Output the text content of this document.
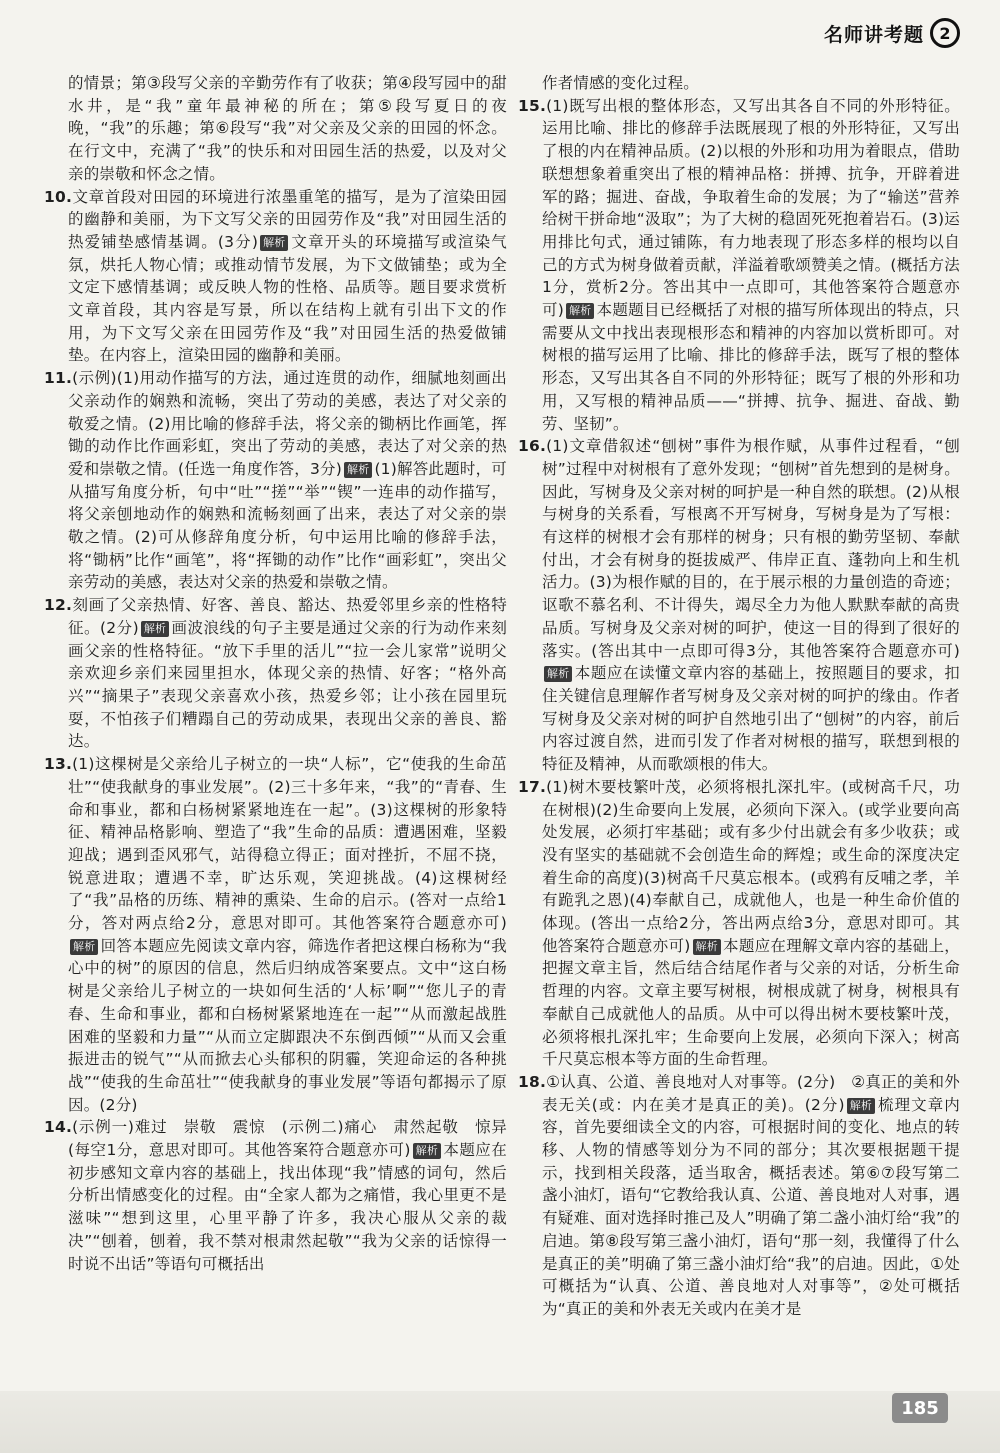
名师讲考题 2

的情景；第③段写父亲的辛勤劳作有了收获；第④段写园中的甜水井，是“我”童年最神秘的所在；第⑤段写夏日的夜晚，“我”的乐趣；第⑥段写“我”对父亲及父亲的田园的怀念。在行文中，充满了“我”的快乐和对田园生活的热爱，以及对父亲的崇敬和怀念之情。

10.文章首段对田园的环境进行浓墨重笔的描写，是为了渲染田园的幽静和美丽，为下文写父亲的田园劳作及“我”对田园生活的热爱铺垫感情基调。(3分) 解析 文章开头的环境描写或渲染气氛，烘托人物心情；或推动情节发展，为下文做铺垫；或为全文定下感情基调；或反映人物的性格、品质等。题目要求赏析文章首段，其内容是写景，所以在结构上就有引出下文的作用，为下文写父亲在田园劳作及“我”对田园生活的热爱做铺垫。在内容上，渲染田园的幽静和美丽。

11.(示例)(1)用动作描写的方法，通过连贯的动作，细腻地刻画出父亲动作的娴熟和流畅，突出了劳动的美感，表达了对父亲的敬爱之情。(2)用比喻的修辞手法，将父亲的锄柄比作画笔，挥锄的动作比作画彩虹，突出了劳动的美感，表达了对父亲的热爱和崇敬之情。(任选一角度作答，3分) 解析 (1)解答此题时，可从描写角度分析，句中“吐”“搓”“举”“锲”一连串的动作描写，将父亲刨地动作的娴熟和流畅刻画了出来，表达了对父亲的崇敬之情。(2)可从修辞角度分析，句中运用比喻的修辞手法，将“锄柄”比作“画笔”，将“挥锄的动作”比作“画彩虹”，突出父亲劳动的美感，表达对父亲的热爱和崇敬之情。

12.刻画了父亲热情、好客、善良、豁达、热爱邻里乡亲的性格特征。(2分) 解析 画波浪线的句子主要是通过父亲的行为动作来刻画父亲的性格特征。“放下手里的活儿”“拉一会儿家常”说明父亲欢迎乡亲们来园里担水，体现父亲的热情、好客；“格外高兴”“摘果子”表现父亲喜欢小孩，热爱乡邻；让小孩在园里玩耍，不怕孩子们糟蹋自己的劳动成果，表现出父亲的善良、豁达。

13.(1)这棵树是父亲给儿子树立的一块“人标”，它“使我的生命茁壮”“使我献身的事业发展”。(2)三十多年来，“我”的“青春、生命和事业，都和白杨树紧紧地连在一起”。(3)这棵树的形象特征、精神品格影响、塑造了“我”生命的品质：遭遇困难，坚毅迎战；遇到歪风邪气，站得稳立得正；面对挫折，不屈不挠，锐意进取；遭遇不幸，旷达乐观，笑迎挑战。(4)这棵树经了“我”品格的历练、精神的熏染、生命的启示。(答对一点给1分，答对两点给2分，意思对即可。其他答案符合题意亦可)解析 回答本题应先阅读文章内容，筛选作者把这棵白杨称为“我心中的树”的原因的信息，然后归纳成答案要点。文中“这白杨树是父亲给儿子树立的一块如何生活的‘人标’啊”“您儿子的青春、生命和事业，都和白杨树紧紧地连在一起”“从而激起战胜困难的坚毅和力量”“从而立定脚跟决不东倒西倾”“从而又会重振进击的锐气”“从而掀去心头郁积的阴霾，笑迎命运的各种挑战”“使我的生命茁壮”“使我献身的事业发展”等语句都揭示了原因。(2分)

14.(示例一)难过　崇敬　震惊　(示例二)痛心　肃然起敬　惊异(每空1分，意思对即可。其他答案符合题意亦可) 解析 本题应在初步感知文章内容的基础上，找出体现“我”情感的词句，然后分析出情感变化的过程。由“全家人都为之痛惜，我心里更不是滋味”“想到这里，心里平静了许多，我决心服从父亲的裁决”“刨着，刨着，我不禁对根肃然起敬”“我为父亲的话惊得一时说不出话”等语句可概括出

作者情感的变化过程。

15.(1)既写出根的整体形态，又写出其各自不同的外形特征。运用比喻、排比的修辞手法既展现了根的外形特征，又写出了根的内在精神品质。(2)以根的外形和功用为着眼点，借助联想想象着重突出了根的精神品格：拼搏、抗争，开辟着进军的路；掘进、奋战，争取着生命的发展；为了“输送”营养给树干拼命地“汲取”；为了大树的稳固死死抱着岩石。(3)运用排比句式，通过铺陈，有力地表现了形态多样的根均以自己的方式为树身做着贡献，洋溢着歌颂赞美之情。(概括方法1分，赏析2分。答出其中一点即可，其他答案符合题意亦可) 解析 本题题目已经概括了对根的描写所体现出的特点，只需要从文中找出表现根形态和精神的内容加以赏析即可。对树根的描写运用了比喻、排比的修辞手法，既写了根的整体形态，又写出其各自不同的外形特征；既写了根的外形和功用，又写根的精神品质——“拼搏、抗争、掘进、奋战、勤劳、坚韧”。

16.(1)文章借叙述“刨树”事件为根作赋，从事件过程看，“刨树”过程中对树根有了意外发现；“刨树”首先想到的是树身。因此，写树身及父亲对树的呵护是一种自然的联想。(2)从根与树身的关系看，写根离不开写树身，写树身是为了写根：有这样的树根才会有那样的树身；只有根的勤劳坚韧、奉献付出，才会有树身的挺拔威严、伟岸正直、蓬勃向上和生机活力。(3)为根作赋的目的，在于展示根的力量创造的奇迹；讴歌不慕名利、不计得失，竭尽全力为他人默默奉献的高贵品质。写树身及父亲对树的呵护，使这一目的得到了很好的落实。(答出其中一点即可得3分，其他答案符合题意亦可)解析 本题应在读懂文章内容的基础上，按照题目的要求，扣住关键信息理解作者写树身及父亲对树的呵护的缘由。作者写树身及父亲对树的呵护自然地引出了“刨树”的内容，前后内容过渡自然，进而引发了作者对树根的描写，联想到根的特征及精神，从而歌颂根的伟大。

17.(1)树木要枝繁叶茂，必须将根扎深扎牢。(或树高千尺，功在树根)(2)生命要向上发展，必须向下深入。(或学业要向高处发展，必须打牢基础；或有多少付出就会有多少收获；或没有坚实的基础就不会创造生命的辉煌；或生命的深度决定着生命的高度)(3)树高千尺莫忘根本。(或鸦有反哺之孝，羊有跪乳之恩)(4)奉献自己，成就他人，也是一种生命价值的体现。(答出一点给2分，答出两点给3分，意思对即可。其他答案符合题意亦可) 解析 本题应在理解文章内容的基础上，把握文章主旨，然后结合结尾作者与父亲的对话，分析生命哲理的内容。文章主要写树根，树根成就了树身，树根具有奉献自己成就他人的品质。从中可以得出树木要枝繁叶茂，必须将根扎深扎牢；生命要向上发展，必须向下深入；树高千尺莫忘根本等方面的生命哲理。

18.①认真、公道、善良地对人对事等。(2分)　②真正的美和外表无关(或：内在美才是真正的美)。(2分) 解析 梳理文章内容，首先要细读全文的内容，可根据时间的变化、地点的转移、人物的情感等划分为不同的部分；其次要根据题干提示，找到相关段落，适当取舍，概括表述。第⑥⑦段写第二盏小油灯，语句“它教给我认真、公道、善良地对人对事，遇有疑难、面对选择时推己及人”明确了第二盏小油灯给“我”的启迪。第⑧段写第三盏小油灯，语句“那一刻，我懂得了什么是真正的美”明确了第三盏小油灯给“我”的启迪。因此，①处可概括为“认真、公道、善良地对人对事等”，②处可概括为“真正的美和外表无关或内在美才是

185
